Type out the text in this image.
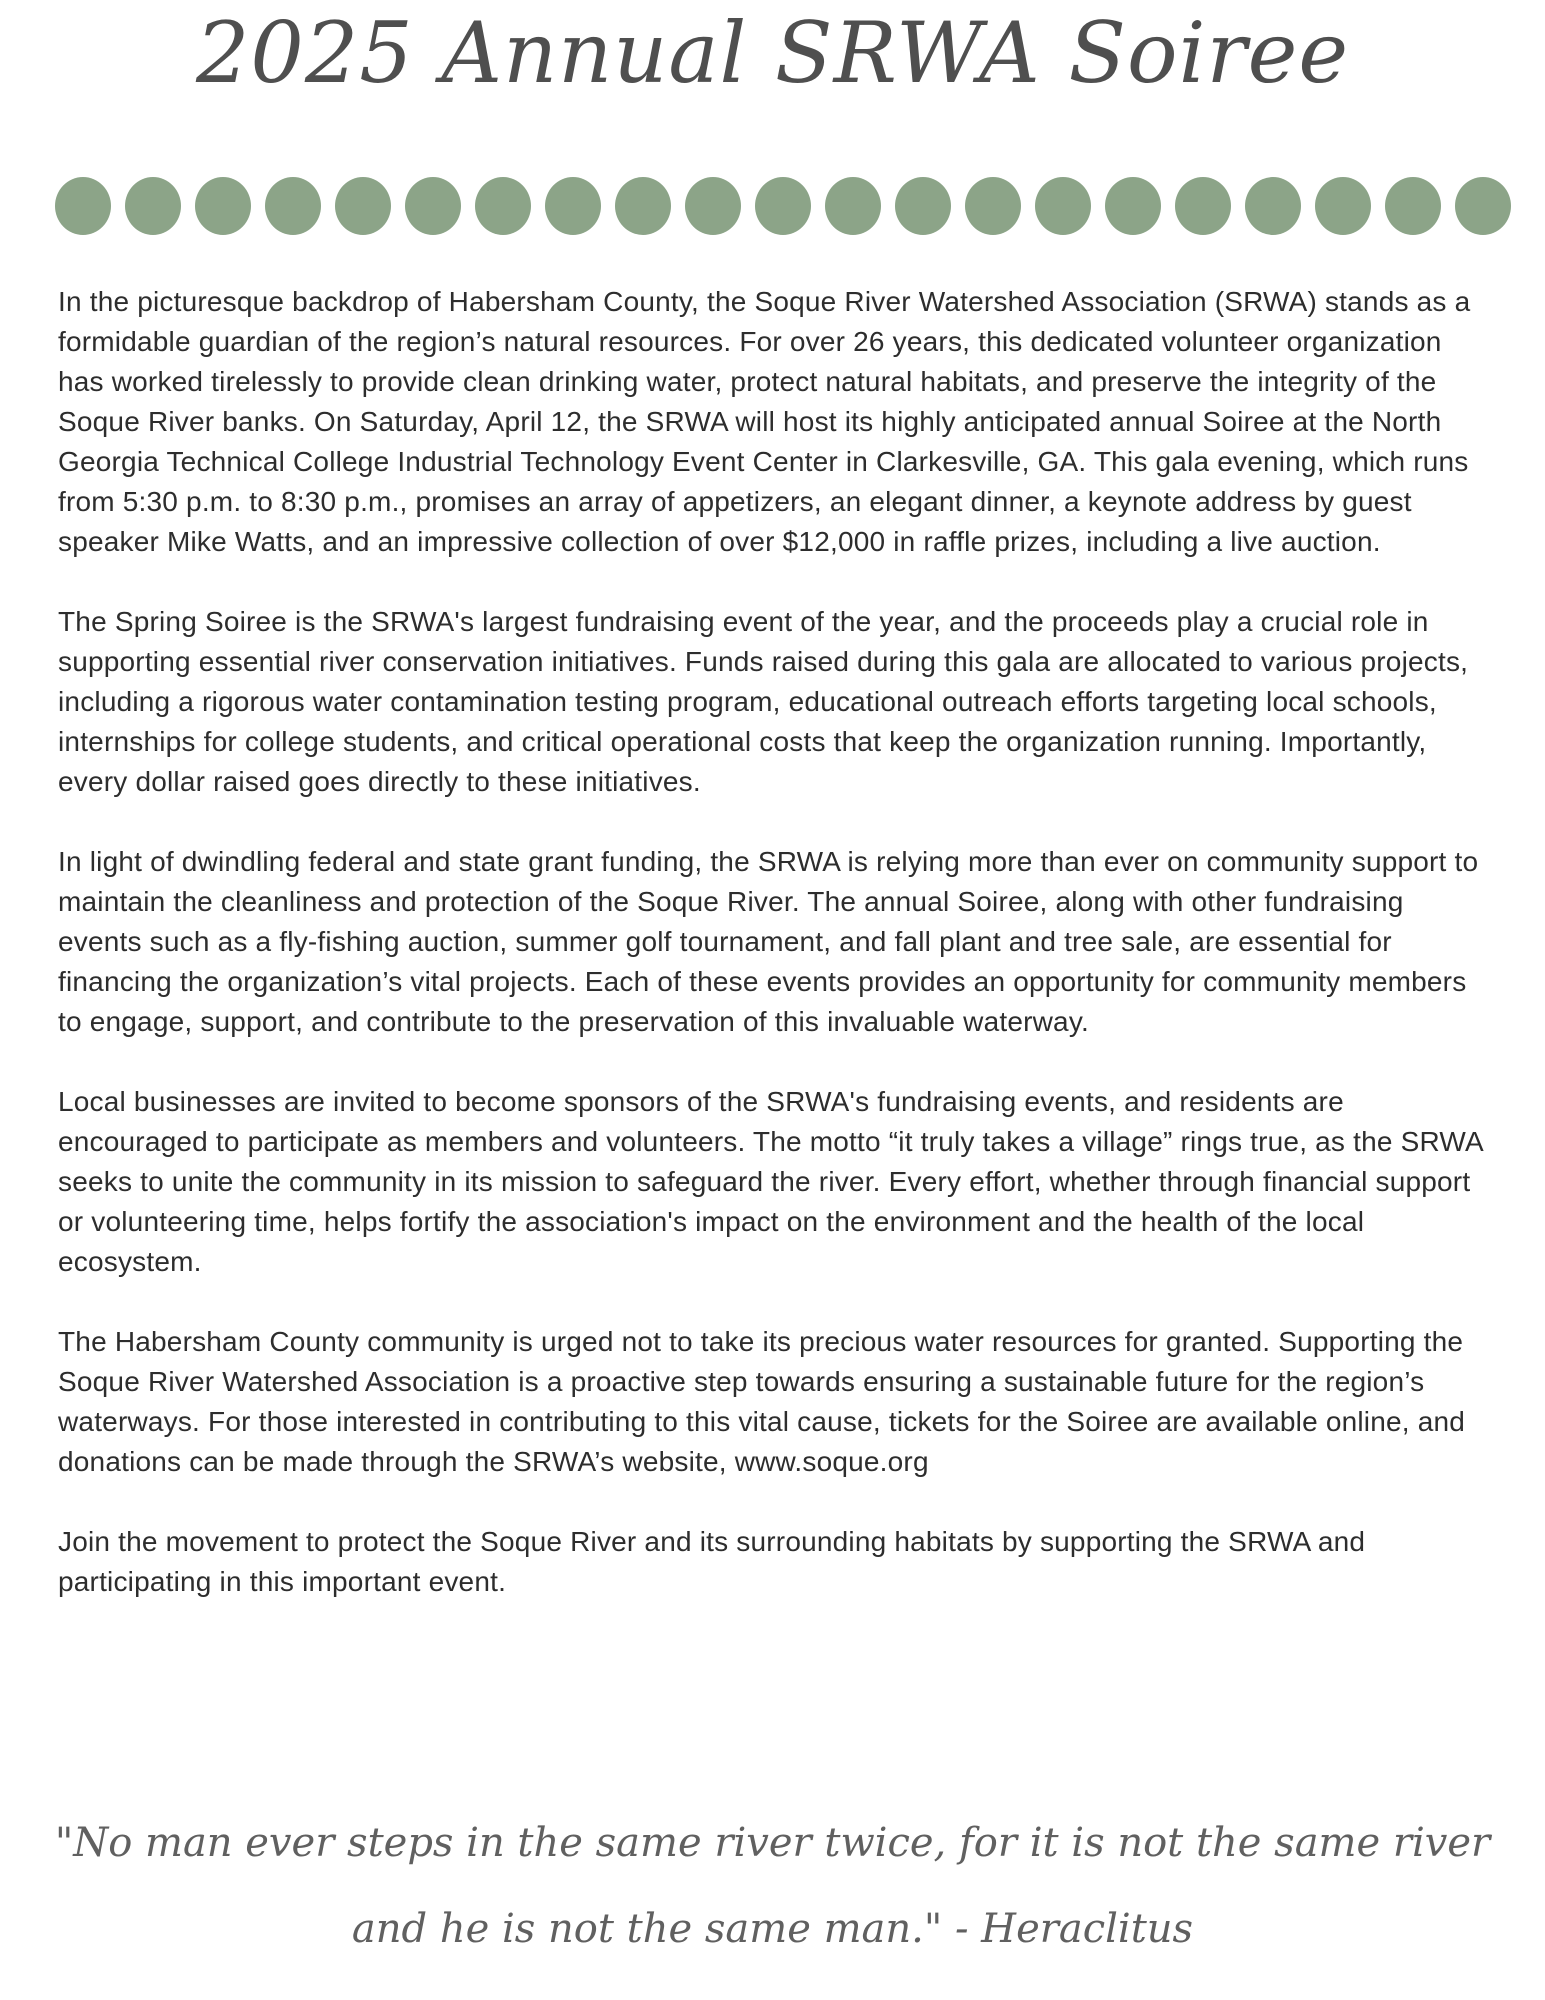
2025 Annual SRWA Soiree

In the picturesque backdrop of Habersham County, the Soque River Watershed Association (SRWA) stands as a formidable guardian of the region’s natural resources. For over 26 years, this dedicated volunteer organization has worked tirelessly to provide clean drinking water, protect natural habitats, and preserve the integrity of the Soque River banks. On Saturday, April 12, the SRWA will host its highly anticipated annual Soiree at the North Georgia Technical College Industrial Technology Event Center in Clarkesville, GA. This gala evening, which runs from 5:30 p.m. to 8:30 p.m., promises an array of appetizers, an elegant dinner, a keynote address by guest speaker Mike Watts, and an impressive collection of over $12,000 in raffle prizes, including a live auction.

The Spring Soiree is the SRWA's largest fundraising event of the year, and the proceeds play a crucial role in supporting essential river conservation initiatives. Funds raised during this gala are allocated to various projects, including a rigorous water contamination testing program, educational outreach efforts targeting local schools, internships for college students, and critical operational costs that keep the organization running. Importantly, every dollar raised goes directly to these initiatives.

In light of dwindling federal and state grant funding, the SRWA is relying more than ever on community support to maintain the cleanliness and protection of the Soque River. The annual Soiree, along with other fundraising events such as a fly-fishing auction, summer golf tournament, and fall plant and tree sale, are essential for financing the organization’s vital projects. Each of these events provides an opportunity for community members to engage, support, and contribute to the preservation of this invaluable waterway.

Local businesses are invited to become sponsors of the SRWA's fundraising events, and residents are encouraged to participate as members and volunteers. The motto “it truly takes a village” rings true, as the SRWA seeks to unite the community in its mission to safeguard the river. Every effort, whether through financial support or volunteering time, helps fortify the association's impact on the environment and the health of the local ecosystem.

The Habersham County community is urged not to take its precious water resources for granted. Supporting the Soque River Watershed Association is a proactive step towards ensuring a sustainable future for the region’s waterways. For those interested in contributing to this vital cause, tickets for the Soiree are available online, and donations can be made through the SRWA’s website, www.soque.org

Join the movement to protect the Soque River and its surrounding habitats by supporting the SRWA and participating in this important event.

"No man ever steps in the same river twice, for it is not the same river
and he is not the same man." - Heraclitus
